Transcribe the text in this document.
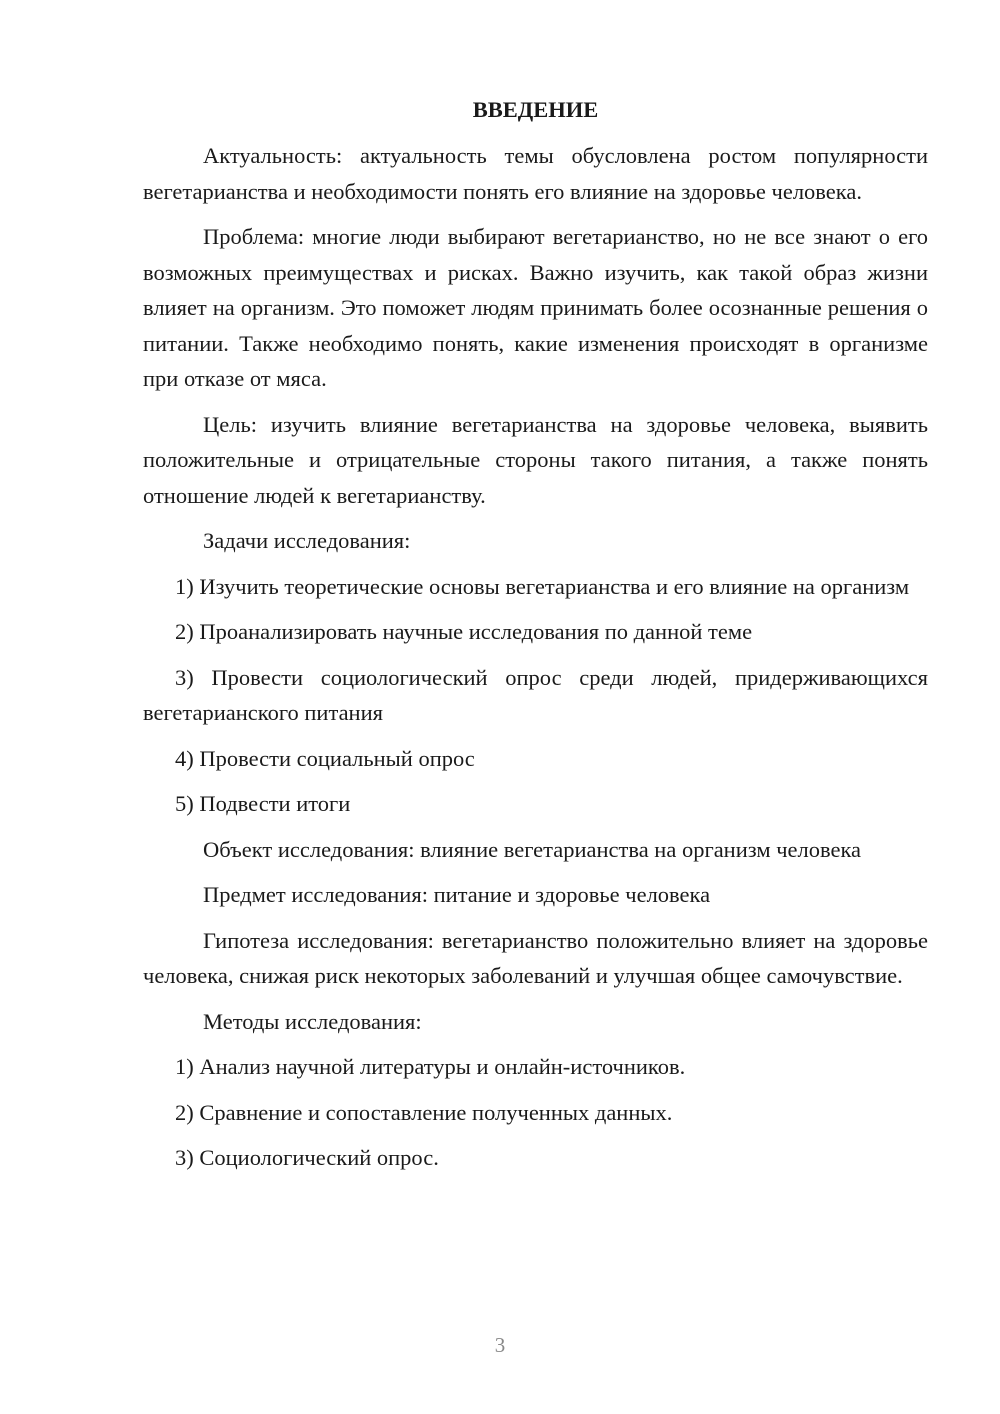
ВВЕДЕНИЕ
Актуальность: актуальность темы обусловлена ростом популярности вегетарианства и необходимости понять его влияние на здоровье человека.
Проблема: многие люди выбирают вегетарианство, но не все знают о его возможных преимуществах и рисках. Важно изучить, как такой образ жизни влияет на организм. Это поможет людям принимать более осознанные решения о питании. Также необходимо понять, какие изменения происходят в организме при отказе от мяса.
Цель: изучить влияние вегетарианства на здоровье человека, выявить положительные и отрицательные стороны такого питания, а также понять отношение людей к вегетарианству.
Задачи исследования:
1) Изучить теоретические основы вегетарианства и его влияние на организм
2) Проанализировать научные исследования по данной теме
3) Провести социологический опрос среди людей, придерживающихся вегетарианского питания
4) Провести социальный опрос
5) Подвести итоги
Объект исследования: влияние вегетарианства на организм человека
Предмет исследования: питание и здоровье человека
Гипотеза исследования: вегетарианство положительно влияет на здоровье человека, снижая риск некоторых заболеваний и улучшая общее самочувствие.
Методы исследования:
1) Анализ научной литературы и онлайн-источников.
2) Сравнение и сопоставление полученных данных.
3) Социологический опрос.
3
